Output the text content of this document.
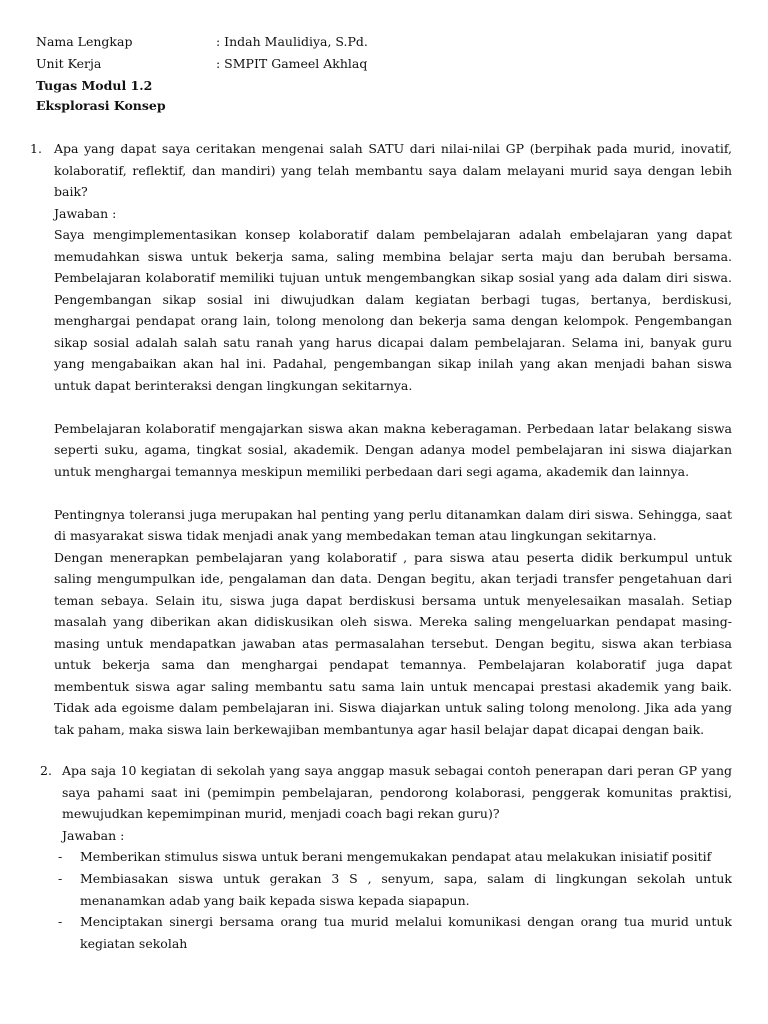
Nama Lengkap	: Indah Maulidiya, S.Pd.
Unit Kerja	: SMPIT Gameel Akhlaq
Tugas Modul 1.2
Eksplorasi Konsep
1. Apa yang dapat saya ceritakan mengenai salah SATU dari nilai-nilai GP (berpihak pada murid, inovatif, kolaboratif, reflektif, dan mandiri) yang telah membantu saya dalam melayani murid saya dengan lebih baik?

Jawaban :

Saya mengimplementasikan konsep kolaboratif dalam pembelajaran adalah embelajaran yang dapat memudahkan siswa untuk bekerja sama, saling membina belajar serta maju dan berubah bersama. Pembelajaran kolaboratif memiliki tujuan untuk mengembangkan sikap sosial yang ada dalam diri siswa. Pengembangan sikap sosial ini diwujudkan dalam kegiatan berbagi tugas, bertanya, berdiskusi, menghargai pendapat orang lain, tolong menolong dan bekerja sama dengan kelompok. Pengembangan sikap sosial adalah salah satu ranah yang harus dicapai dalam pembelajaran. Selama ini, banyak guru yang mengabaikan akan hal ini. Padahal, pengembangan sikap inilah yang akan menjadi bahan siswa untuk dapat berinteraksi dengan lingkungan sekitarnya.

Pembelajaran kolaboratif mengajarkan siswa akan makna keberagaman. Perbedaan latar belakang siswa seperti suku, agama, tingkat sosial, akademik. Dengan adanya model pembelajaran ini siswa diajarkan untuk menghargai temannya meskipun memiliki perbedaan dari segi agama, akademik dan lainnya.

Pentingnya toleransi juga merupakan hal penting yang perlu ditanamkan dalam diri siswa. Sehingga, saat di masyarakat siswa tidak menjadi anak yang membedakan teman atau lingkungan sekitarnya.

Dengan menerapkan pembelajaran yang kolaboratif , para siswa atau peserta didik berkumpul untuk saling mengumpulkan ide, pengalaman dan data. Dengan begitu, akan terjadi transfer pengetahuan dari teman sebaya. Selain itu, siswa juga dapat berdiskusi bersama untuk menyelesaikan masalah. Setiap masalah yang diberikan akan didiskusikan oleh siswa. Mereka saling mengeluarkan pendapat masing-masing untuk mendapatkan jawaban atas permasalahan tersebut. Dengan begitu, siswa akan terbiasa untuk bekerja sama dan menghargai pendapat temannya. Pembelajaran kolaboratif juga dapat membentuk siswa agar saling membantu satu sama lain untuk mencapai prestasi akademik yang baik. Tidak ada egoisme dalam pembelajaran ini. Siswa diajarkan untuk saling tolong menolong. Jika ada yang tak paham, maka siswa lain berkewajiban membantunya agar hasil belajar dapat dicapai dengan baik.

2. Apa saja 10 kegiatan di sekolah yang saya anggap masuk sebagai contoh penerapan dari peran GP yang saya pahami saat ini (pemimpin pembelajaran, pendorong kolaborasi, penggerak komunitas praktisi, mewujudkan kepemimpinan murid, menjadi coach bagi rekan guru)?

Jawaban :

- Memberikan stimulus siswa untuk berani mengemukakan pendapat atau melakukan inisiatif positif
- Membiasakan siswa untuk gerakan 3 S , senyum, sapa, salam di lingkungan sekolah untuk menanamkan adab yang baik kepada siswa kepada siapapun.
- Menciptakan sinergi bersama orang tua murid melalui komunikasi dengan orang tua murid untuk kegiatan sekolah
